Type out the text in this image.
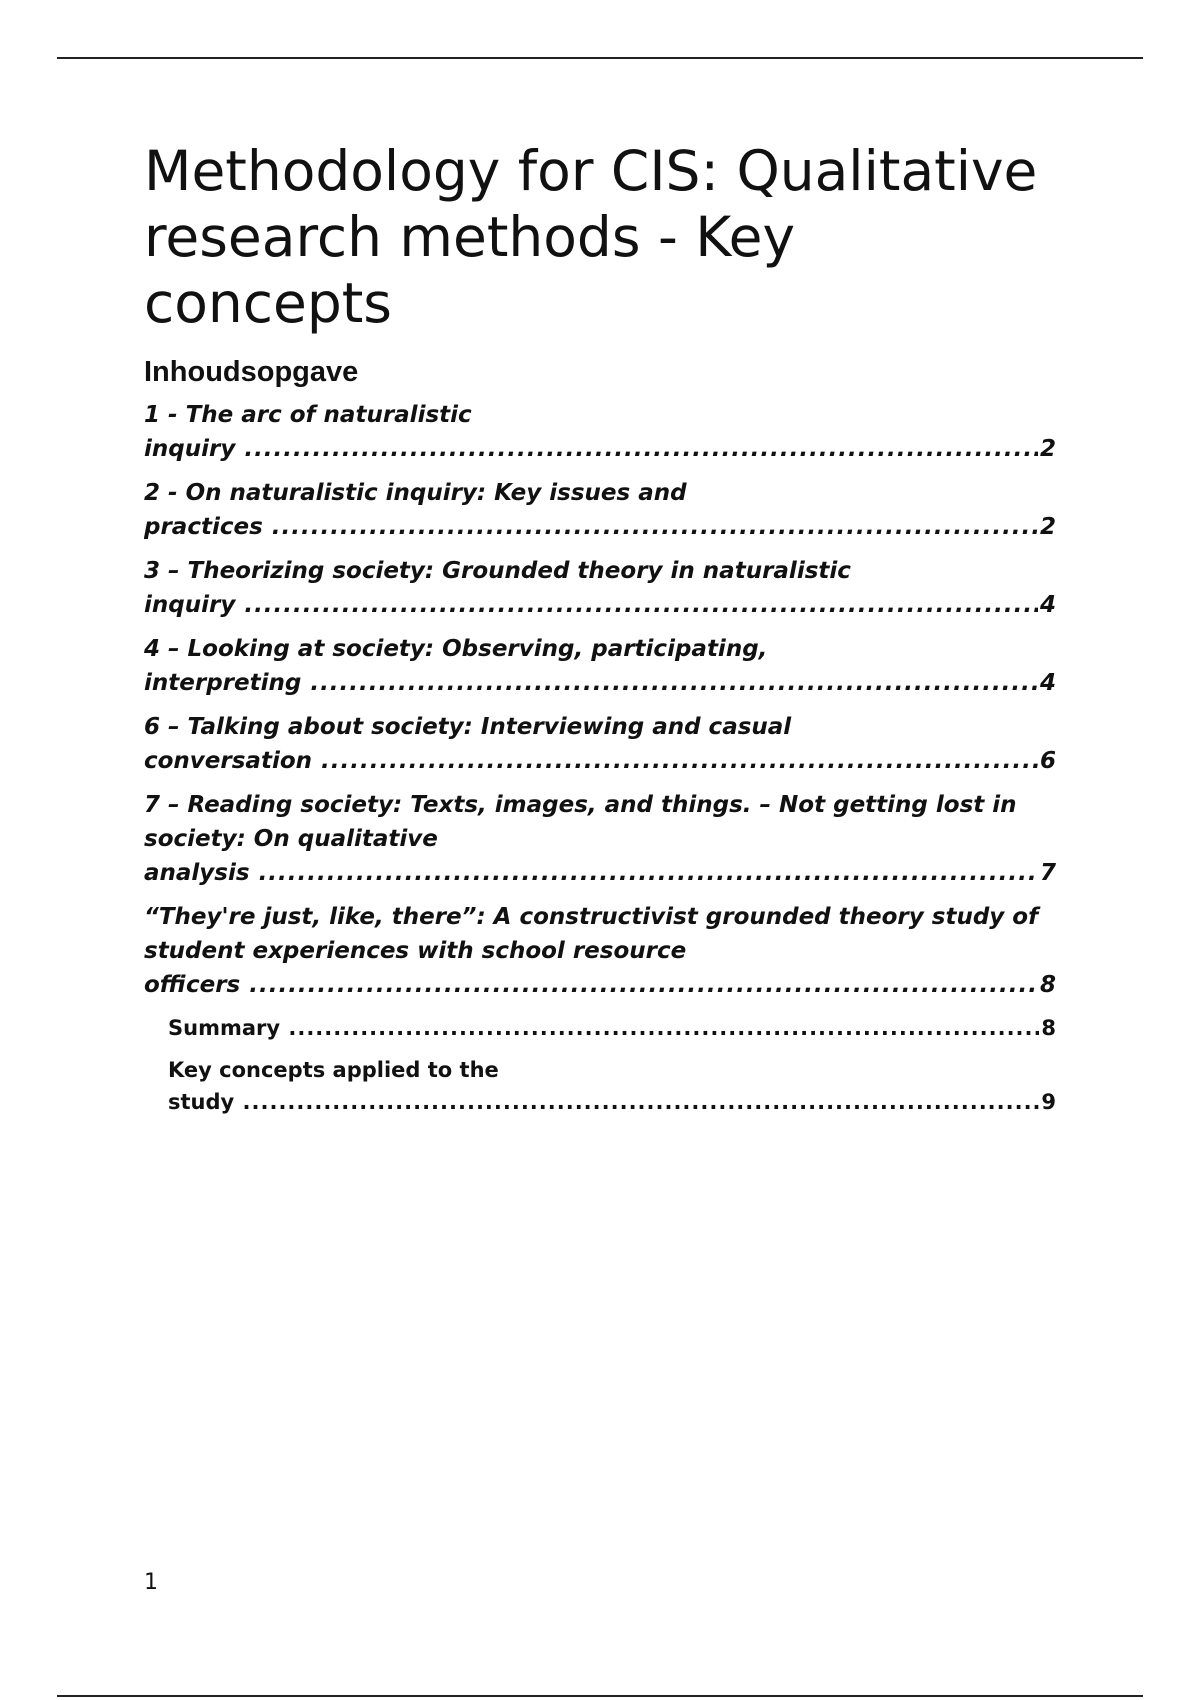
Methodology for CIS: Qualitative research methods - Key concepts
Inhoudsopgave
1 - The arc of naturalistic inquiry .....	2
2 - On naturalistic inquiry: Key issues and practices .....	2
3 – Theorizing society: Grounded theory in naturalistic inquiry .....	4
4 – Looking at society: Observing, participating, interpreting .....	4
6 – Talking about society: Interviewing and casual conversation .....	6
7 – Reading society: Texts, images, and things. – Not getting lost in society: On qualitative analysis .....	7
“They're just, like, there”: A constructivist grounded theory study of student experiences with school resource officers .....	8
Summary .....	8
Key concepts applied to the study .....	9
1
